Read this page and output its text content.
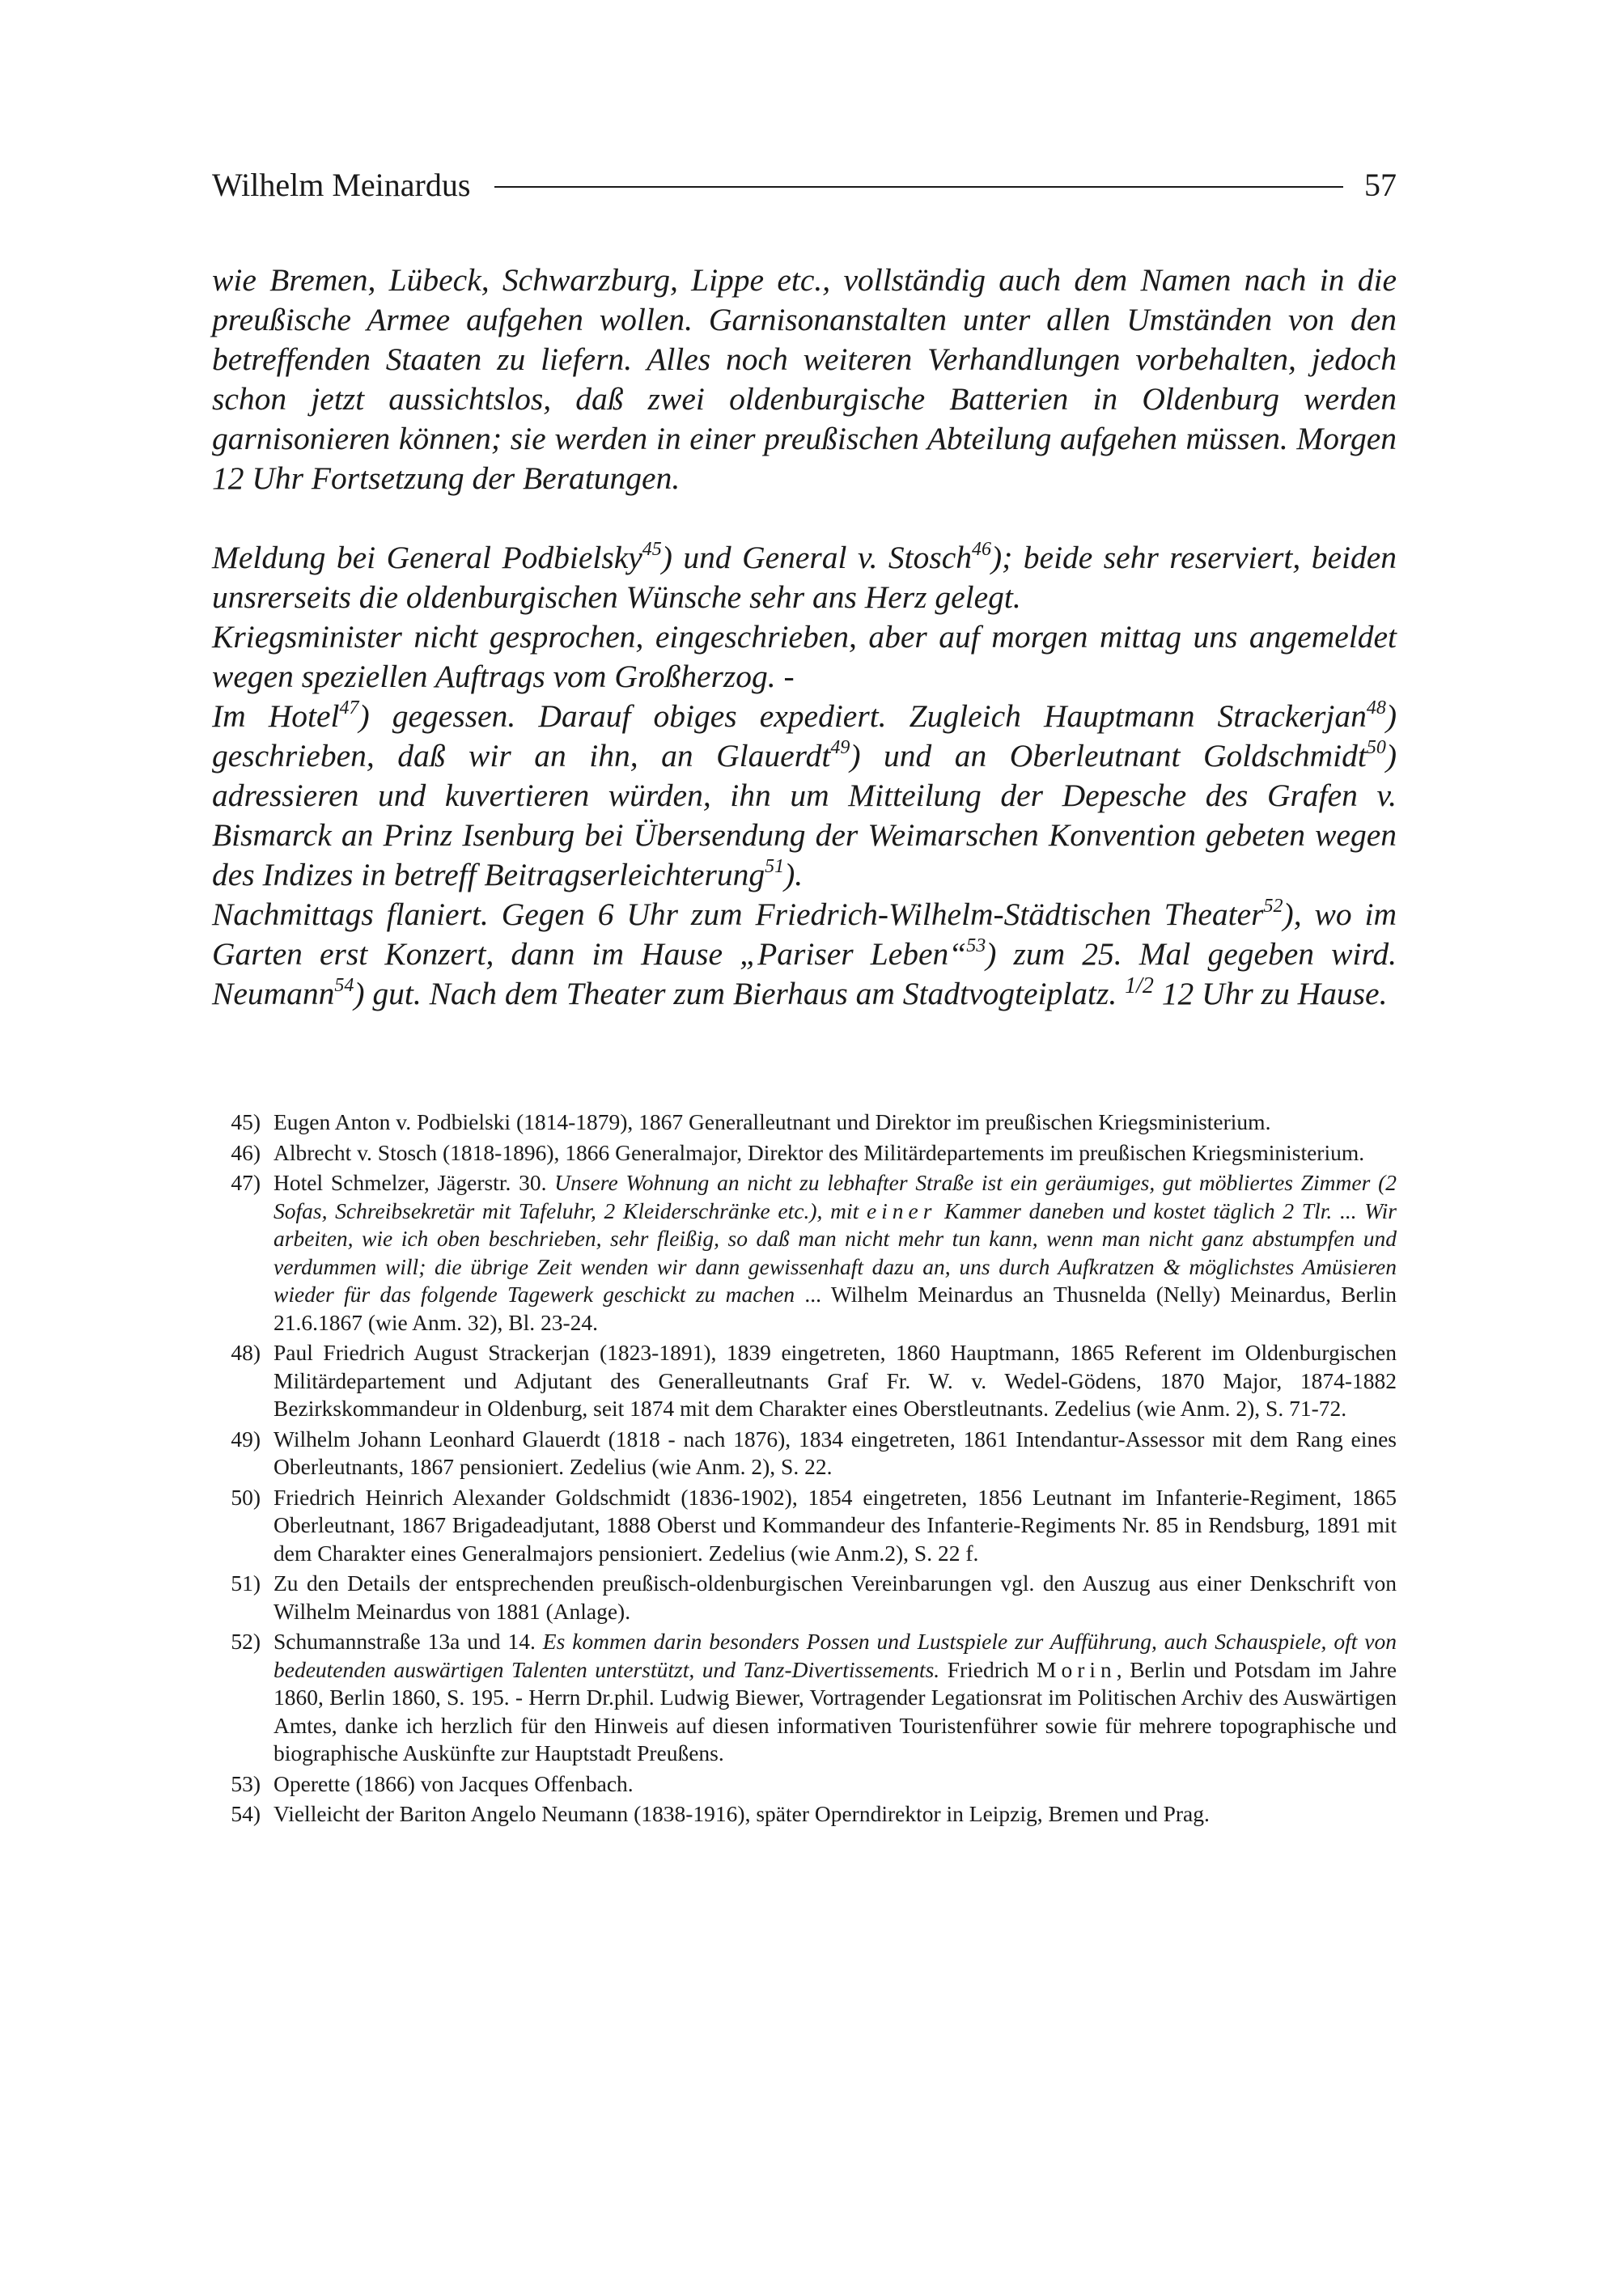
Wilhelm Meinardus	57

wie Bremen, Lübeck, Schwarzburg, Lippe etc., vollständig auch dem Namen nach in die preußische Armee aufgehen wollen. Garnisonanstalten unter allen Umständen von den betreffenden Staaten zu liefern. Alles noch weiteren Verhandlungen vorbehalten, jedoch schon jetzt aussichtslos, daß zwei oldenburgische Batterien in Oldenburg werden garnisonieren können; sie werden in einer preußischen Abteilung aufgehen müssen. Morgen 12 Uhr Fortsetzung der Beratungen.

Meldung bei General Podbielsky$^{45}$) und General v. Stosch$^{46}$); beide sehr reserviert, beiden unsrerseits die oldenburgischen Wünsche sehr ans Herz gelegt.

Kriegsminister nicht gesprochen, eingeschrieben, aber auf morgen mittag uns angemeldet wegen speziellen Auftrags vom Großherzog. -

Im Hotel$^{47}$) gegessen. Darauf obiges expediert. Zugleich Hauptmann Strackerjan$^{48}$) geschrieben, daß wir an ihn, an Glauerdt$^{49}$) und an Oberleutnant Goldschmidt$^{50}$) adressieren und kuvertieren würden, ihn um Mitteilung der Depesche des Grafen v. Bismarck an Prinz Isenburg bei Übersendung der Weimarschen Konvention gebeten wegen des Indizes in betreff Beitragserleichterung$^{51}$).

Nachmittags flaniert. Gegen 6 Uhr zum Friedrich-Wilhelm-Städtischen Theater$^{52}$), wo im Garten erst Konzert, dann im Hause „Pariser Leben“$^{53}$) zum 25. Mal gegeben wird. Neumann$^{54}$) gut. Nach dem Theater zum Bierhaus am Stadtvogteiplatz. $^{1/2}$ 12 Uhr zu Hause.

45) Eugen Anton v. Podbielski (1814-1879), 1867 Generalleutnant und Direktor im preußischen Kriegsministerium.
46) Albrecht v. Stosch (1818-1896), 1866 Generalmajor, Direktor des Militärdepartements im preußischen Kriegsministerium.
47) Hotel Schmelzer, Jägerstr. 30. Unsere Wohnung an nicht zu lebhafter Straße ist ein geräumiges, gut möbliertes Zimmer (2 Sofas, Schreibsekretär mit Tafeluhr, 2 Kleiderschränke etc.), mit einer Kammer daneben und kostet täglich 2 Tlr. ... Wir arbeiten, wie ich oben beschrieben, sehr fleißig, so daß man nicht mehr tun kann, wenn man nicht ganz abstumpfen und verdummen will; die übrige Zeit wenden wir dann gewissenhaft dazu an, uns durch Aufkratzen & möglichstes Amüsieren wieder für das folgende Tagewerk geschickt zu machen ... Wilhelm Meinardus an Thusnelda (Nelly) Meinardus, Berlin 21.6.1867 (wie Anm. 32), Bl. 23-24.
48) Paul Friedrich August Strackerjan (1823-1891), 1839 eingetreten, 1860 Hauptmann, 1865 Referent im Oldenburgischen Militärdepartement und Adjutant des Generalleutnants Graf Fr. W. v. Wedel-Gödens, 1870 Major, 1874-1882 Bezirkskommandeur in Oldenburg, seit 1874 mit dem Charakter eines Oberstleutnants. Zedelius (wie Anm. 2), S. 71-72.
49) Wilhelm Johann Leonhard Glauerdt (1818 - nach 1876), 1834 eingetreten, 1861 Intendantur-Assessor mit dem Rang eines Oberleutnants, 1867 pensioniert. Zedelius (wie Anm. 2), S. 22.
50) Friedrich Heinrich Alexander Goldschmidt (1836-1902), 1854 eingetreten, 1856 Leutnant im Infanterie-Regiment, 1865 Oberleutnant, 1867 Brigadeadjutant, 1888 Oberst und Kommandeur des Infanterie-Regiments Nr. 85 in Rendsburg, 1891 mit dem Charakter eines Generalmajors pensioniert. Zedelius (wie Anm.2), S. 22 f.
51) Zu den Details der entsprechenden preußisch-oldenburgischen Vereinbarungen vgl. den Auszug aus einer Denkschrift von Wilhelm Meinardus von 1881 (Anlage).
52) Schumannstraße 13a und 14. Es kommen darin besonders Possen und Lustspiele zur Aufführung, auch Schauspiele, oft von bedeutenden auswärtigen Talenten unterstützt, und Tanz-Divertissements. Friedrich Morin, Berlin und Potsdam im Jahre 1860, Berlin 1860, S. 195. - Herrn Dr.phil. Ludwig Biewer, Vortragender Legationsrat im Politischen Archiv des Auswärtigen Amtes, danke ich herzlich für den Hinweis auf diesen informativen Touristenführer sowie für mehrere topographische und biographische Auskünfte zur Hauptstadt Preußens.
53) Operette (1866) von Jacques Offenbach.
54) Vielleicht der Bariton Angelo Neumann (1838-1916), später Operndirektor in Leipzig, Bremen und Prag.
